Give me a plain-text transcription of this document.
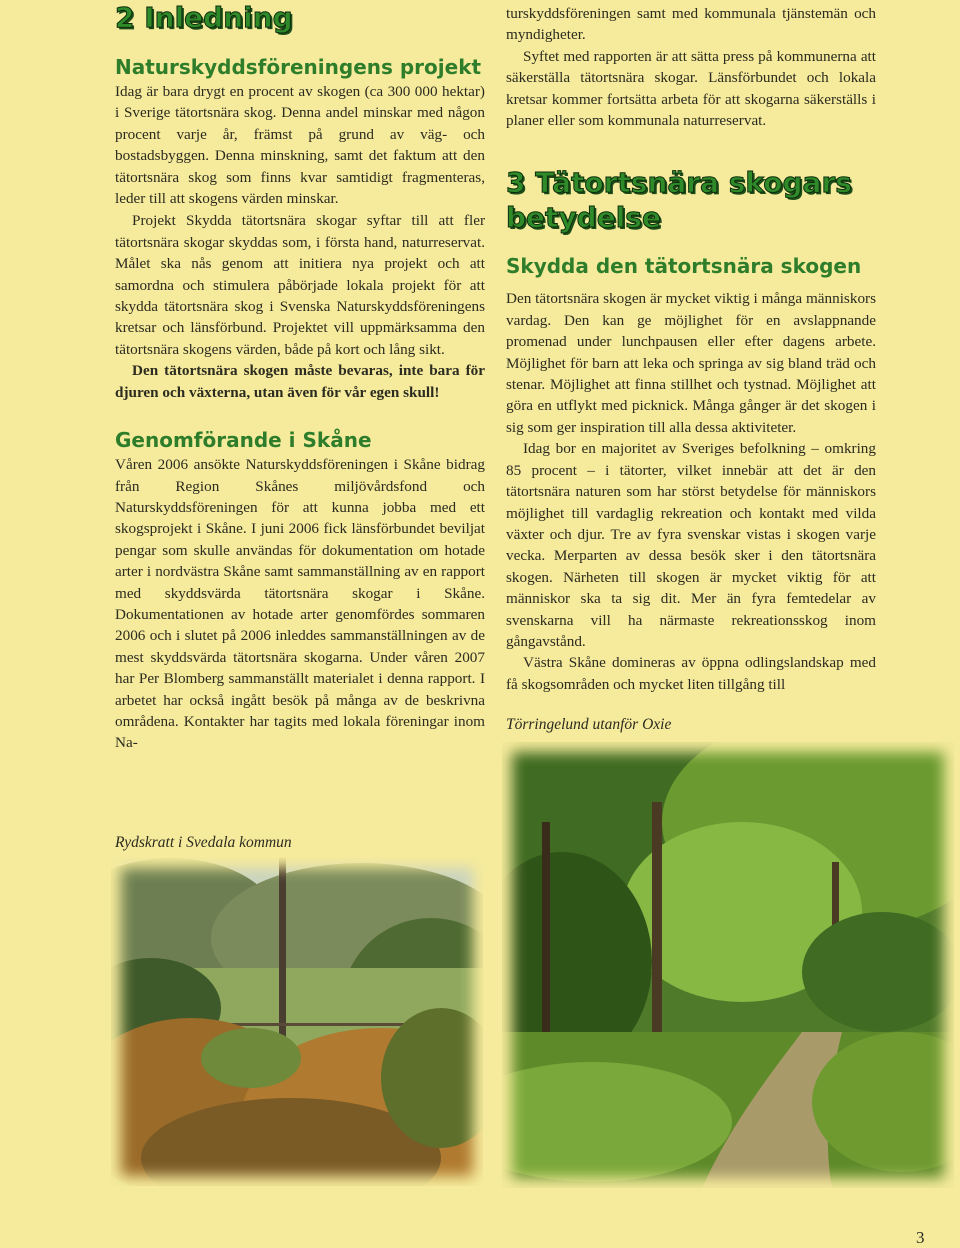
2 Inledning
Naturskyddsföreningens projekt

Idag är bara drygt en procent av skogen (ca 300 000 hektar) i Sverige tätortsnära skog. Denna andel minskar med någon procent varje år, främst på grund av väg- och bostadsbyggen. Denna minskning, samt det faktum att den tätortsnära skog som finns kvar samtidigt fragmenteras, leder till att skogens värden minskar.

Projekt Skydda tätortsnära skogar syftar till att fler tätortsnära skogar skyddas som, i första hand, naturreservat. Målet ska nås genom att initiera nya projekt och att samordna och stimulera påbörjade lokala projekt för att skydda tätortsnära skog i Svenska Naturskyddsföreningens kretsar och länsförbund. Projektet vill uppmärksamma den tätortsnära skogens värden, både på kort och lång sikt.

Den tätortsnära skogen måste bevaras, inte bara för djuren och växterna, utan även för vår egen skull!

Genomförande i Skåne

Våren 2006 ansökte Naturskyddsföreningen i Skåne bidrag från Region Skånes miljövårdsfond och Naturskyddsföreningen för att kunna jobba med ett skogsprojekt i Skåne. I juni 2006 fick länsförbundet beviljat pengar som skulle användas för dokumentation om hotade arter i nordvästra Skåne samt sammanställning av en rapport med skyddsvärda tätortsnära skogar i Skåne. Dokumentationen av hotade arter genomfördes sommaren 2006 och i slutet på 2006 inleddes sammanställningen av de mest skyddsvärda tätortsnära skogarna. Under våren 2007 har Per Blomberg sammanställt materialet i denna rapport. I arbetet har också ingått besök på många av de beskrivna områdena. Kontakter har tagits med lokala föreningar inom Na-

Rydskratt i Svedala kommun

turskyddsföreningen samt med kommunala tjänstemän och myndigheter.

Syftet med rapporten är att sätta press på kommunerna att säkerställa tätortsnära skogar. Länsförbundet och lokala kretsar kommer fortsätta arbeta för att skogarna säkerställs i planer eller som kommunala naturreservat.

3 Tätortsnära skogars betydelse
Skydda den tätortsnära skogen

Den tätortsnära skogen är mycket viktig i många människors vardag. Den kan ge möjlighet för en avslappnande promenad under lunchpausen eller efter dagens arbete. Möjlighet för barn att leka och springa av sig bland träd och stenar. Möjlighet att finna stillhet och tystnad. Möjlighet att göra en utflykt med picknick. Många gånger är det skogen i sig som ger inspiration till alla dessa aktiviteter.

Idag bor en majoritet av Sveriges befolkning – omkring 85 procent – i tätorter, vilket innebär att det är den tätortsnära naturen som har störst betydelse för människors möjlighet till vardaglig rekreation och kontakt med vilda växter och djur. Tre av fyra svenskar vistas i skogen varje vecka. Merparten av dessa besök sker i den tätortsnära skogen. Närheten till skogen är mycket viktig för att människor ska ta sig dit. Mer än fyra femtedelar av svenskarna vill ha närmaste rekreationsskog inom gångavstånd.

Västra Skåne domineras av öppna odlingslandskap med få skogsområden och mycket liten tillgång till

Törringelund utanför Oxie
3
